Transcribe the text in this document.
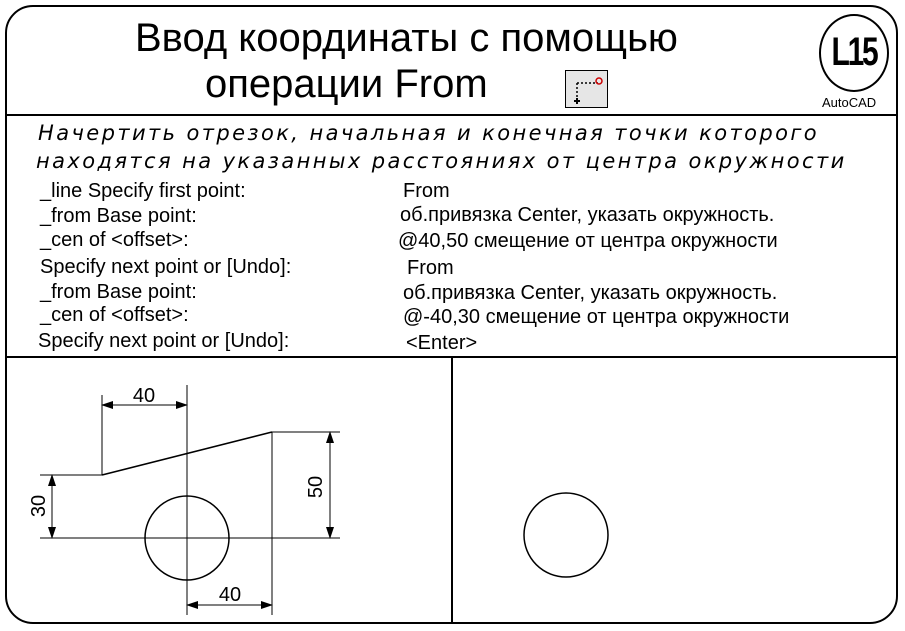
Ввод координаты с помощью
операции From
L15
AutoCAD
Начертить отрезок, начальная и конечная точки которого
находятся на указанных расстояниях от центра окружности
_line Specify first point:	From
_from Base point:	об.привязка Center, указать окружность.
_cen of <offset>:	@40,50 смещение от центра окружности
Specify next point or [Undo]:	From
_from Base point:	об.привязка Center, указать окружность.
_cen of <offset>:	@-40,30 смещение от центра окружности
Specify next point or [Undo]:	<Enter>
40
50
30
40
